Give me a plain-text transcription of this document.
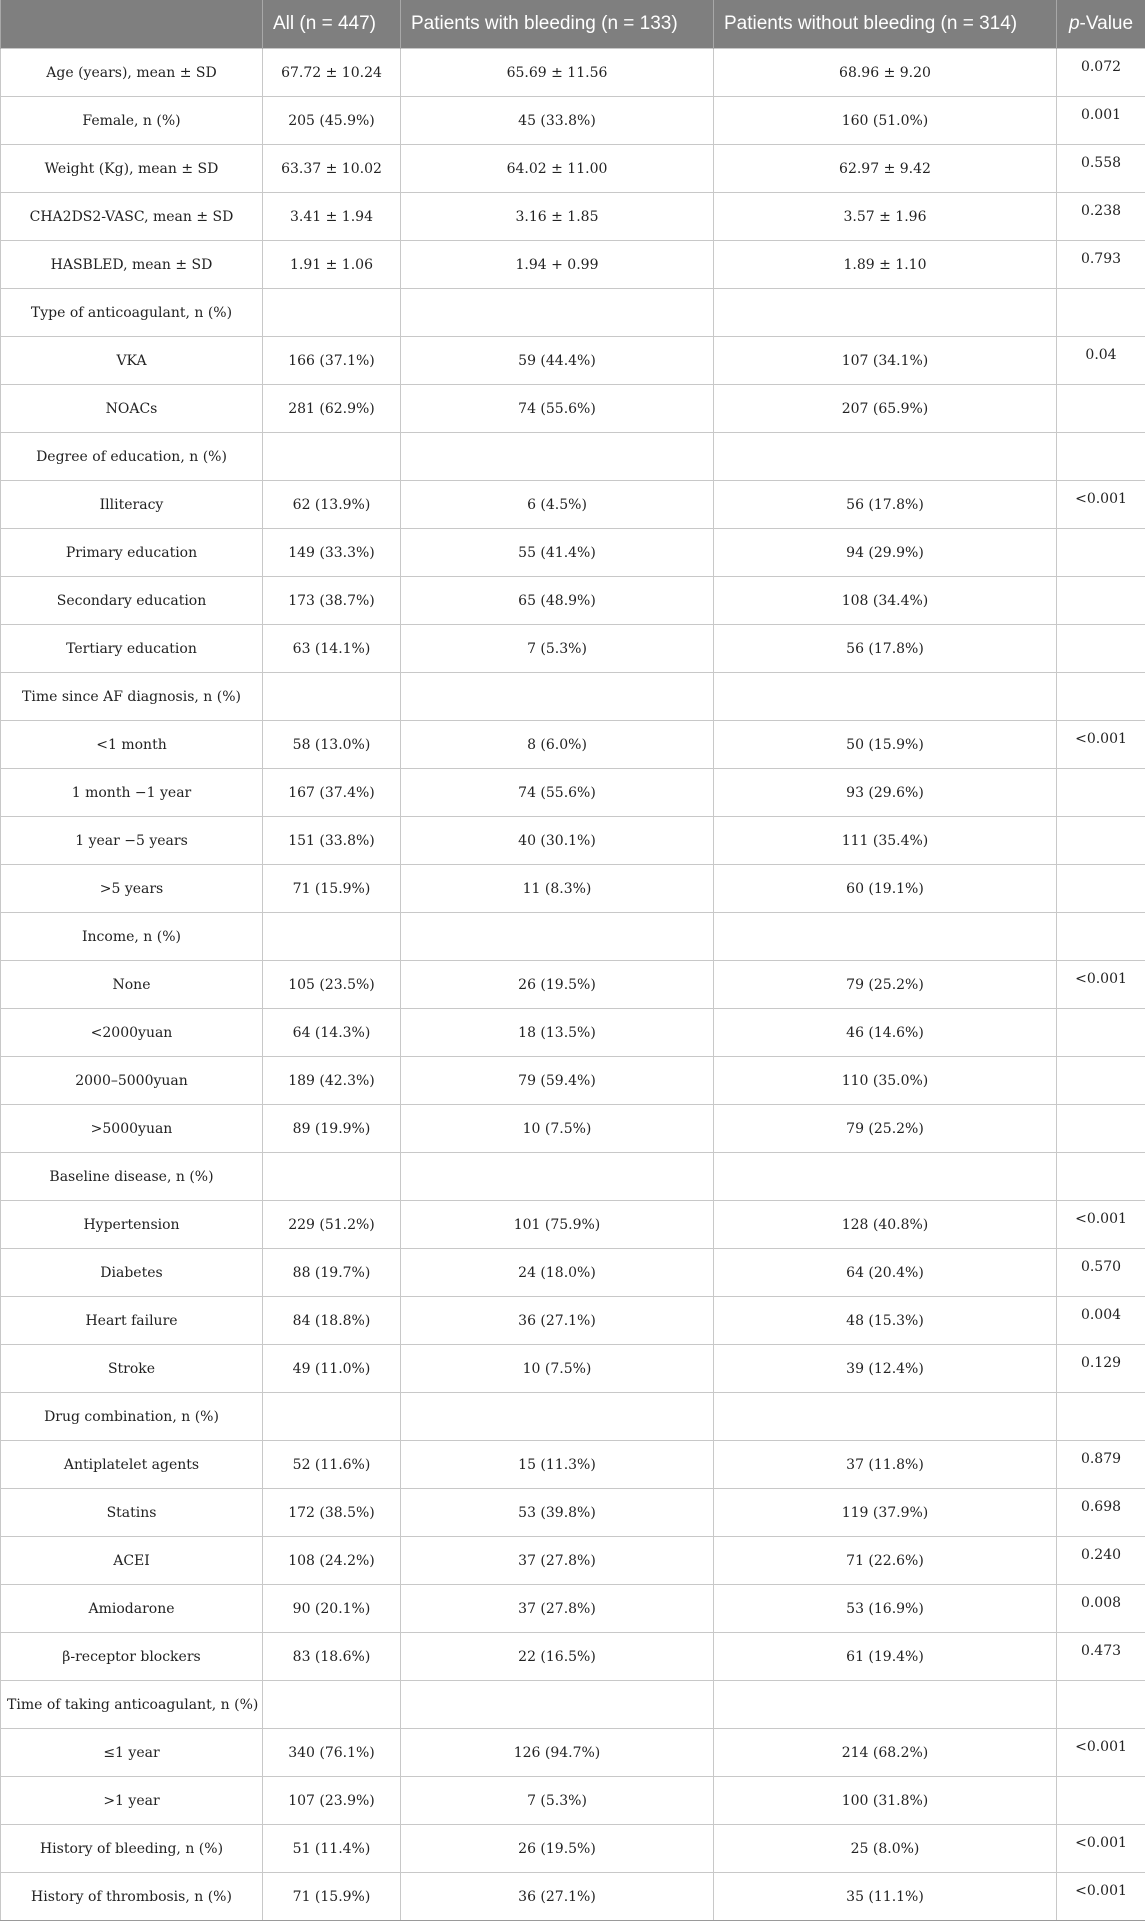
	All (n = 447)	Patients with bleeding (n = 133)	Patients without bleeding (n = 314)	p-Value
Age (years), mean ± SD	67.72 ± 10.24	65.69 ± 11.56	68.96 ± 9.20	0.072
Female, n (%)	205 (45.9%)	45 (33.8%)	160 (51.0%)	0.001
Weight (Kg), mean ± SD	63.37 ± 10.02	64.02 ± 11.00	62.97 ± 9.42	0.558
CHA2DS2-VASC, mean ± SD	3.41 ± 1.94	3.16 ± 1.85	3.57 ± 1.96	0.238
HASBLED, mean ± SD	1.91 ± 1.06	1.94 + 0.99	1.89 ± 1.10	0.793
Type of anticoagulant, n (%)				
VKA	166 (37.1%)	59 (44.4%)	107 (34.1%)	0.04
NOACs	281 (62.9%)	74 (55.6%)	207 (65.9%)	
Degree of education, n (%)				
Illiteracy	62 (13.9%)	6 (4.5%)	56 (17.8%)	<0.001
Primary education	149 (33.3%)	55 (41.4%)	94 (29.9%)	
Secondary education	173 (38.7%)	65 (48.9%)	108 (34.4%)	
Tertiary education	63 (14.1%)	7 (5.3%)	56 (17.8%)	
Time since AF diagnosis, n (%)				
<1 month	58 (13.0%)	8 (6.0%)	50 (15.9%)	<0.001
1 month −1 year	167 (37.4%)	74 (55.6%)	93 (29.6%)	
1 year −5 years	151 (33.8%)	40 (30.1%)	111 (35.4%)	
>5 years	71 (15.9%)	11 (8.3%)	60 (19.1%)	
Income, n (%)				
None	105 (23.5%)	26 (19.5%)	79 (25.2%)	<0.001
<2000yuan	64 (14.3%)	18 (13.5%)	46 (14.6%)	
2000–5000yuan	189 (42.3%)	79 (59.4%)	110 (35.0%)	
>5000yuan	89 (19.9%)	10 (7.5%)	79 (25.2%)	
Baseline disease, n (%)				
Hypertension	229 (51.2%)	101 (75.9%)	128 (40.8%)	<0.001
Diabetes	88 (19.7%)	24 (18.0%)	64 (20.4%)	0.570
Heart failure	84 (18.8%)	36 (27.1%)	48 (15.3%)	0.004
Stroke	49 (11.0%)	10 (7.5%)	39 (12.4%)	0.129
Drug combination, n (%)				
Antiplatelet agents	52 (11.6%)	15 (11.3%)	37 (11.8%)	0.879
Statins	172 (38.5%)	53 (39.8%)	119 (37.9%)	0.698
ACEI	108 (24.2%)	37 (27.8%)	71 (22.6%)	0.240
Amiodarone	90 (20.1%)	37 (27.8%)	53 (16.9%)	0.008
β-receptor blockers	83 (18.6%)	22 (16.5%)	61 (19.4%)	0.473
Time of taking anticoagulant, n (%)				
≤1 year	340 (76.1%)	126 (94.7%)	214 (68.2%)	<0.001
>1 year	107 (23.9%)	7 (5.3%)	100 (31.8%)	
History of bleeding, n (%)	51 (11.4%)	26 (19.5%)	25 (8.0%)	<0.001
History of thrombosis, n (%)	71 (15.9%)	36 (27.1%)	35 (11.1%)	<0.001
